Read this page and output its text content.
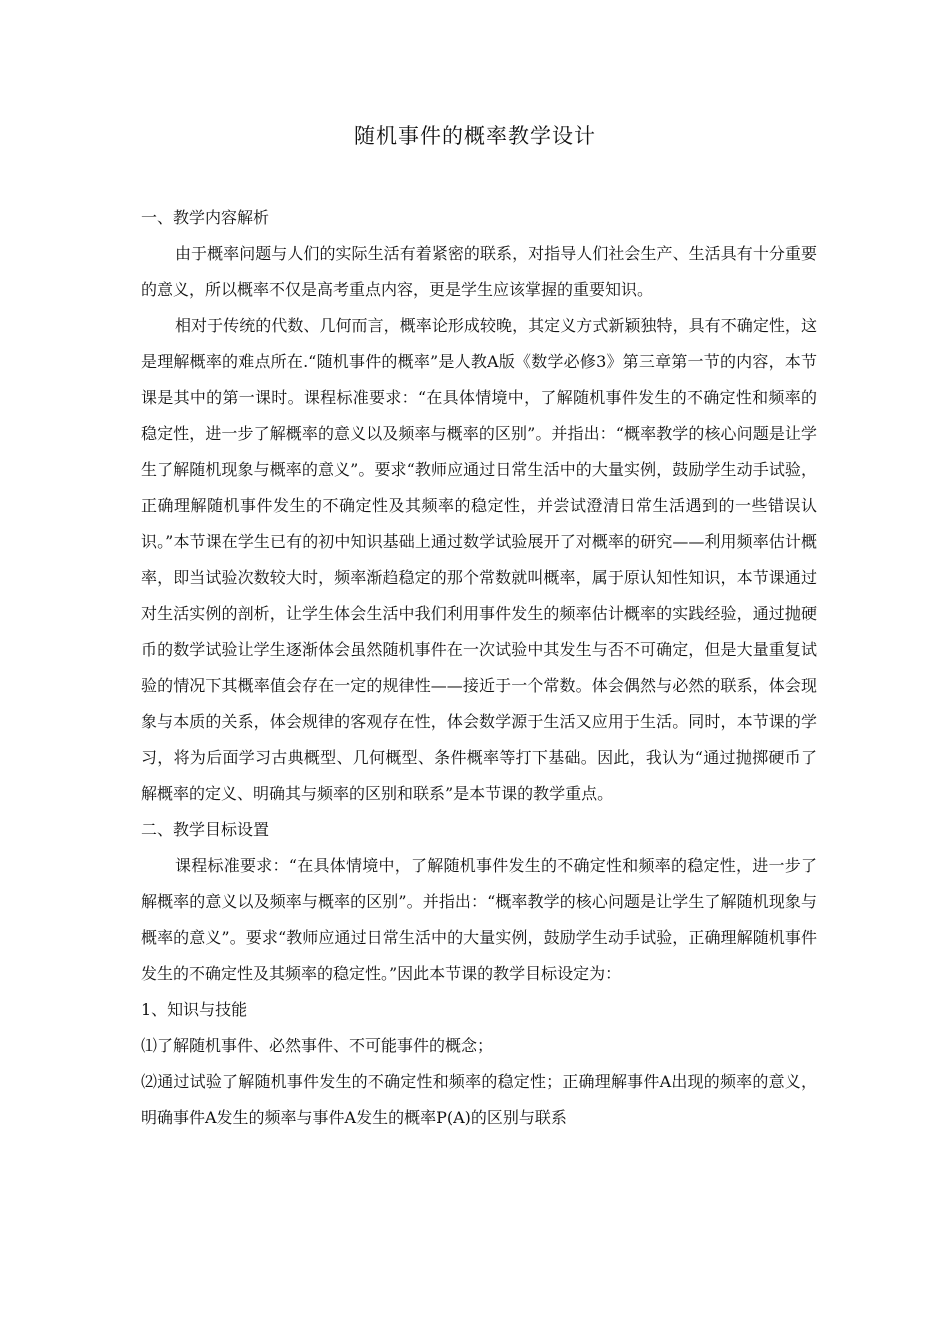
随机事件的概率教学设计

一、教学内容解析

由于概率问题与人们的实际生活有着紧密的联系，对指导人们社会生产、生活具有十分重要的意义，所以概率不仅是高考重点内容，更是学生应该掌握的重要知识。

相对于传统的代数、几何而言，概率论形成较晚，其定义方式新颖独特，具有不确定性，这是理解概率的难点所在.“随机事件的概率”是人教A版《数学必修3》第三章第一节的内容，本节课是其中的第一课时。课程标准要求：“在具体情境中，了解随机事件发生的不确定性和频率的稳定性，进一步了解概率的意义以及频率与概率的区别”。并指出：“概率教学的核心问题是让学生了解随机现象与概率的意义”。要求“教师应通过日常生活中的大量实例，鼓励学生动手试验，正确理解随机事件发生的不确定性及其频率的稳定性，并尝试澄清日常生活遇到的一些错误认识。”本节课在学生已有的初中知识基础上通过数学试验展开了对概率的研究——利用频率估计概率，即当试验次数较大时，频率渐趋稳定的那个常数就叫概率，属于原认知性知识，本节课通过对生活实例的剖析，让学生体会生活中我们利用事件发生的频率估计概率的实践经验，通过抛硬币的数学试验让学生逐渐体会虽然随机事件在一次试验中其发生与否不可确定，但是大量重复试验的情况下其概率值会存在一定的规律性——接近于一个常数。体会偶然与必然的联系，体会现象与本质的关系，体会规律的客观存在性，体会数学源于生活又应用于生活。同时，本节课的学习，将为后面学习古典概型、几何概型、条件概率等打下基础。因此，我认为“通过抛掷硬币了解概率的定义、明确其与频率的区别和联系”是本节课的教学重点。

二、教学目标设置

课程标准要求：“在具体情境中，了解随机事件发生的不确定性和频率的稳定性，进一步了解概率的意义以及频率与概率的区别”。并指出：“概率教学的核心问题是让学生了解随机现象与概率的意义”。要求“教师应通过日常生活中的大量实例，鼓励学生动手试验，正确理解随机事件发生的不确定性及其频率的稳定性。”因此本节课的教学目标设定为：

1、知识与技能

⑴了解随机事件、必然事件、不可能事件的概念；

⑵通过试验了解随机事件发生的不确定性和频率的稳定性；正确理解事件A出现的频率的意义，明确事件A发生的频率与事件A发生的概率P(A)的区别与联系
